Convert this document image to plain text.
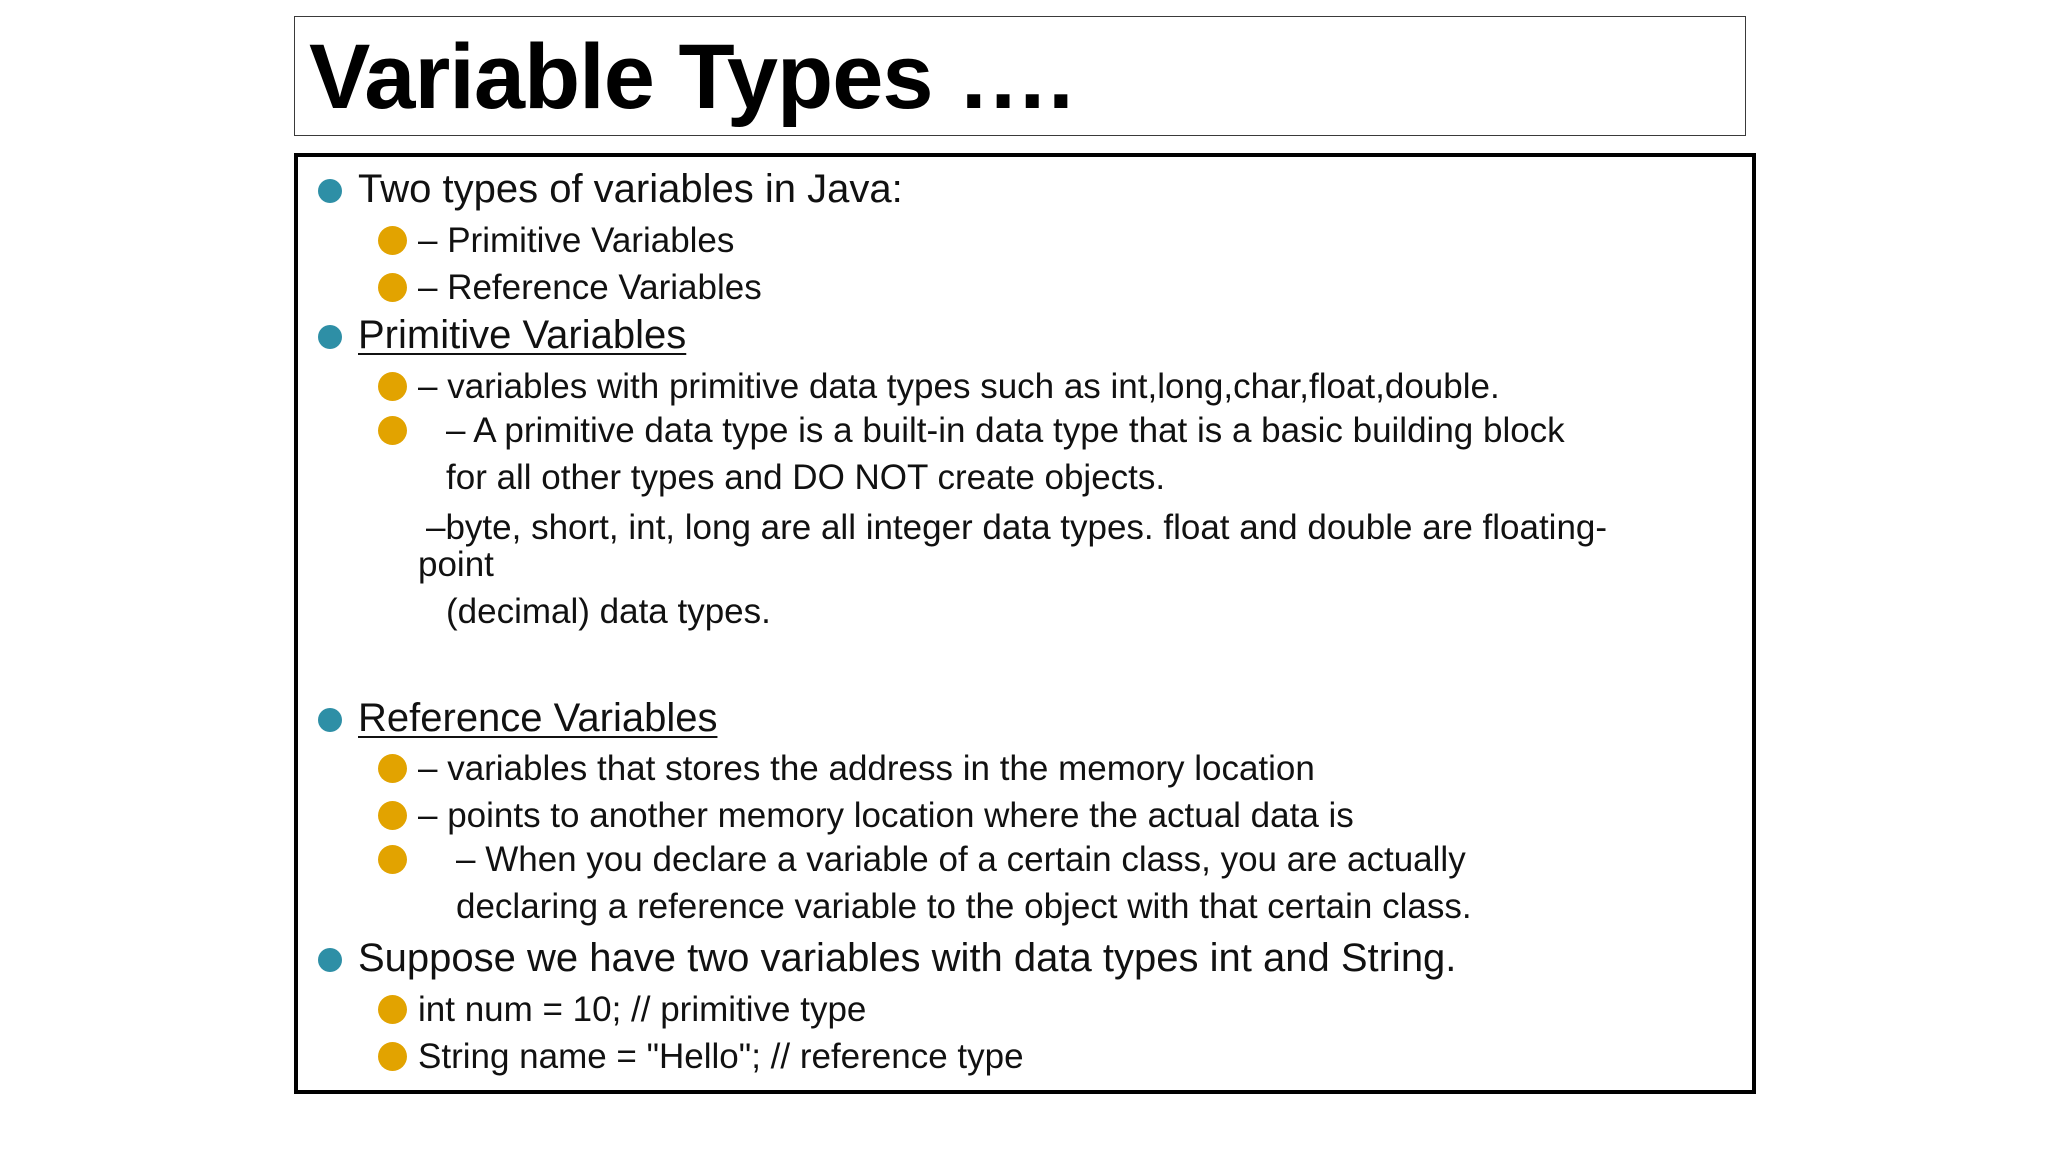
Variable Types ….
Two types of variables in Java:
– Primitive Variables
– Reference Variables
Primitive Variables
– variables with primitive data types such as int,long,char,float,double.
– A primitive data type is a built-in data type that is a basic building block
for all other types and DO NOT create objects.
–byte, short, int, long are all integer data types. float and double are floating-
point
(decimal) data types.
Reference Variables
– variables that stores the address in the memory location
– points to another memory location where the actual data is
– When you declare a variable of a certain class, you are actually
declaring a reference variable to the object with that certain class.
Suppose we have two variables with data types int and String.
int num = 10; // primitive type
String name = "Hello"; // reference type
